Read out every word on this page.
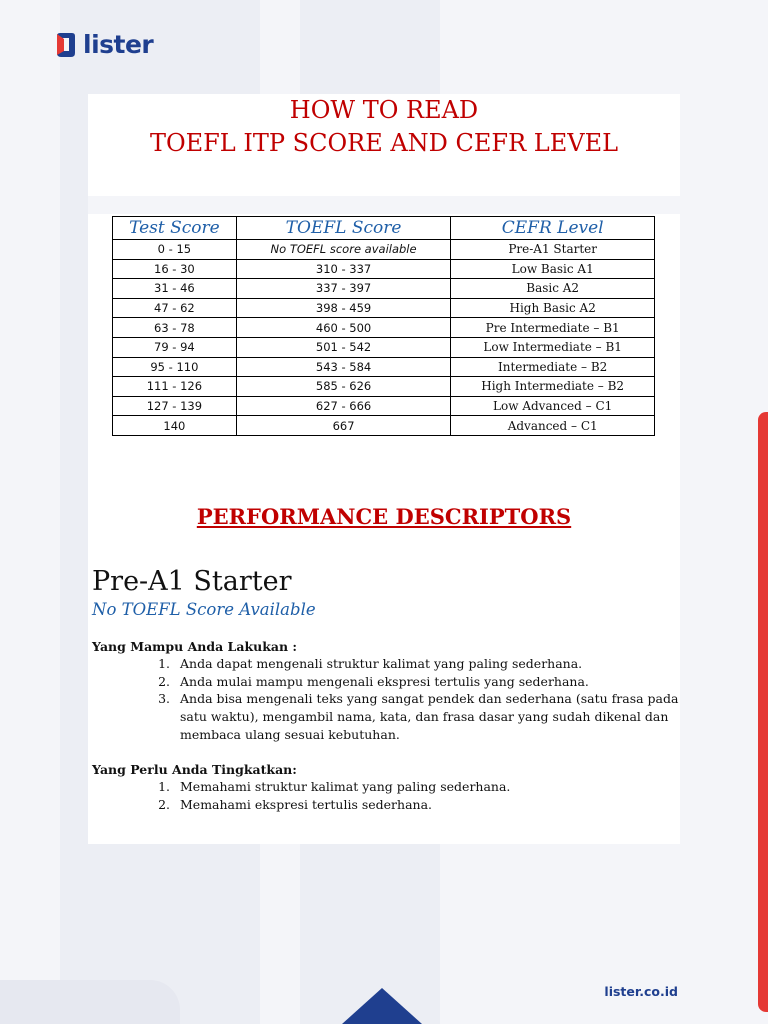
lister
HOW TO READ
TOEFL ITP SCORE AND CEFR LEVEL
Test Score	TOEFL Score	CEFR Level
0 - 15	No TOEFL score available	Pre-A1 Starter
16 - 30	310 - 337	Low Basic A1
31 - 46	337 - 397	Basic A2
47 - 62	398 - 459	High Basic A2
63 - 78	460 - 500	Pre Intermediate – B1
79 - 94	501 - 542	Low Intermediate – B1
95 - 110	543 - 584	Intermediate – B2
111 - 126	585 - 626	High Intermediate – B2
127 - 139	627 - 666	Low Advanced – C1
140	667	Advanced – C1
PERFORMANCE DESCRIPTORS
Pre-A1 Starter
No TOEFL Score Available
Yang Mampu Anda Lakukan :
1. Anda dapat mengenali struktur kalimat yang paling sederhana.
2. Anda mulai mampu mengenali ekspresi tertulis yang sederhana.
3. Anda bisa mengenali teks yang sangat pendek dan sederhana (satu frasa pada satu waktu), mengambil nama, kata, dan frasa dasar yang sudah dikenal dan membaca ulang sesuai kebutuhan.
Yang Perlu Anda Tingkatkan:
1. Memahami struktur kalimat yang paling sederhana.
2. Memahami ekspresi tertulis sederhana.
lister.co.id
